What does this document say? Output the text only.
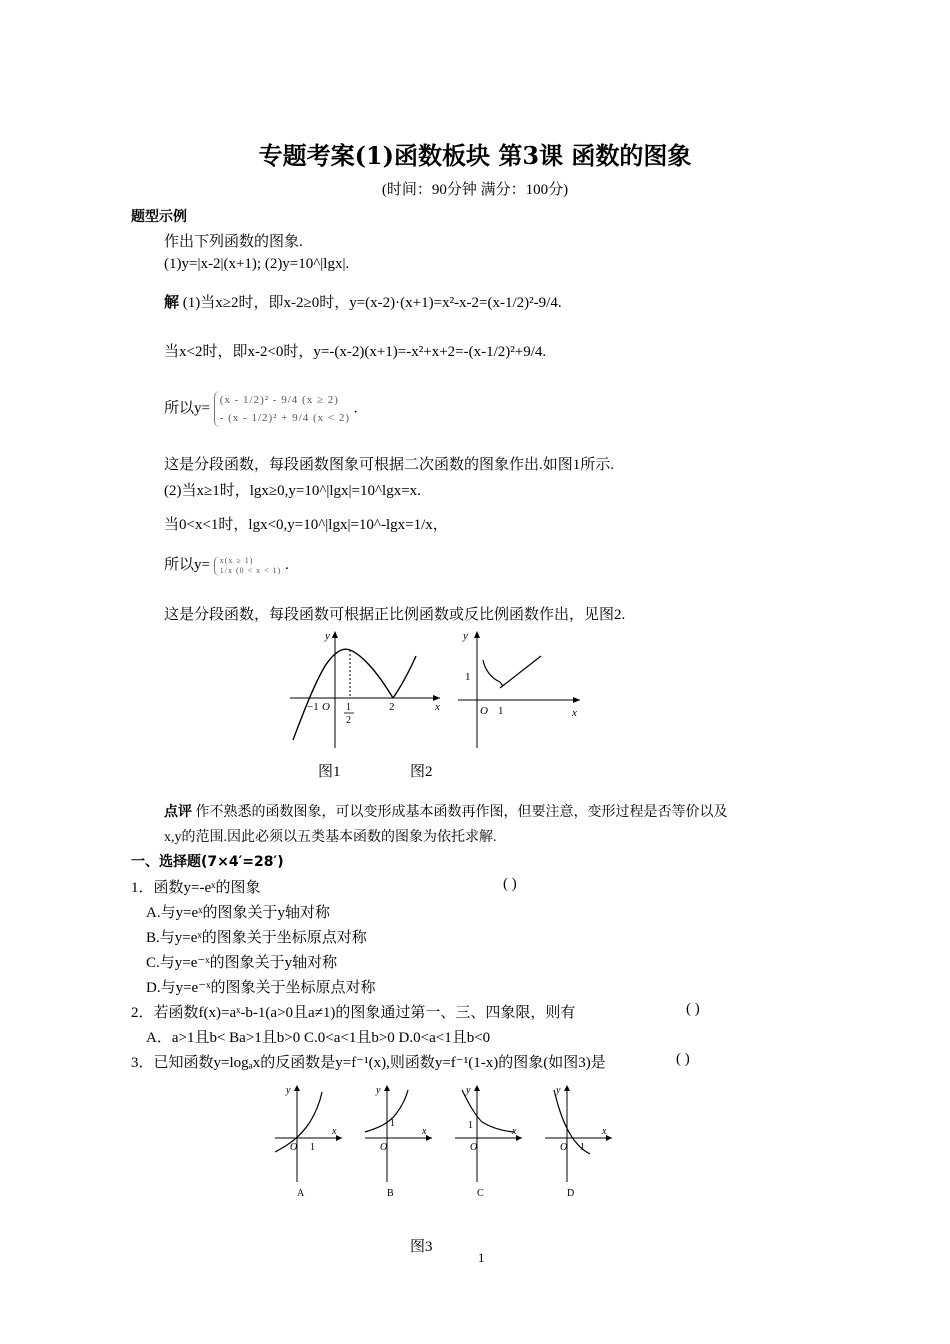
专题考案(1)函数板块 第3课 函数的图象
(时间：90分钟 满分：100分)
题型示例
作出下列函数的图象.
(1)y=|x-2|(x+1); (2)y=10^|lgx|.
解 (1)当x≥2时，即x-2≥0时，y=(x-2)·(x+1)=x²-x-2=(x-1/2)²-9/4.
当x<2时，即x-2<0时，y=-(x-2)(x+1)=-x²+x+2=-(x-1/2)²+9/4.
所以y=
(x - 1/2)² - 9/4 (x ≥ 2)
- (x - 1/2)² + 9/4 (x < 2)
.
这是分段函数，每段函数图象可根据二次函数的图象作出.如图1所示.
(2)当x≥1时，lgx≥0,y=10^|lgx|=10^lgx=x.
当0<x<1时，lgx<0,y=10^|lgx|=10^-lgx=1/x，
所以y= x(x ≥ 1)
1/x (0 < x < 1) .
这是分段函数，每段函数可根据正比例函数或反比例函数作出，见图2.
y
x
−1 O 1
2
2
y
x
1
O 1
图1	图2
点评 作不熟悉的函数图象，可以变形成基本函数再作图，但要注意，变形过程是否等价以及
x,y的范围.因此必须以五类基本函数的图象为依托求解.
一、选择题(7×4′=28′)
1．函数y=-eˣ的图象	( )
A.与y=eˣ的图象关于y轴对称
B.与y=eˣ的图象关于坐标原点对称
C.与y=e⁻ˣ的图象关于y轴对称
D.与y=e⁻ˣ的图象关于坐标原点对称
2．若函数f(x)=aˣ-b-1(a>0且a≠1)的图象通过第一、三、四象限，则有	( )
A．a>1且b< Ba>1且b>0 C.0<a<1且b>0 D.0<a<1且b<0
3．已知函数y=logₐx的反函数是y=f⁻¹(x),则函数y=f⁻¹(1-x)的图象(如图3)是	( )
y
x
O 1
A
y
x
O
1
B
y
x
O
1
C
y
x
O 1
D
图3
1
